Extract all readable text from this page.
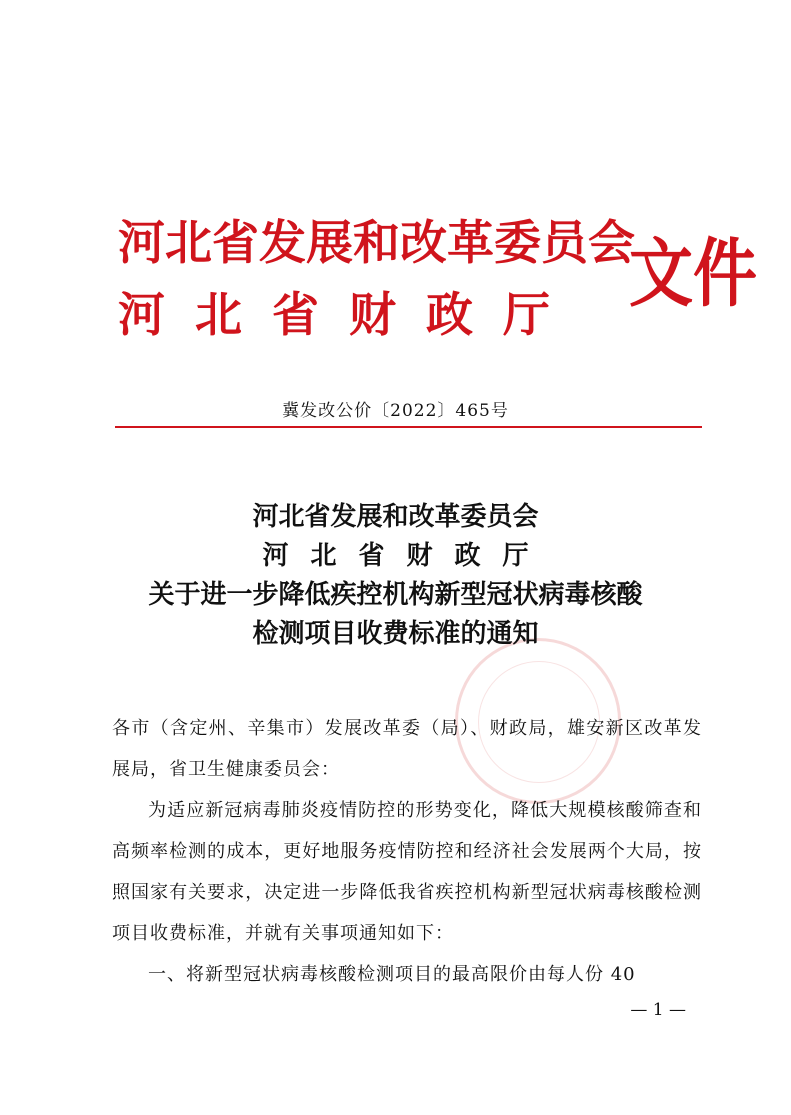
河北省发展和改革委员会
河北省财政厅 文件
冀发改公价〔2022〕465号
河北省发展和改革委员会
河北省财政厅
关于进一步降低疾控机构新型冠状病毒核酸
检测项目收费标准的通知

各市（含定州、辛集市）发展改革委（局）、财政局，雄安新区改革发展局，省卫生健康委员会：

为适应新冠病毒肺炎疫情防控的形势变化，降低大规模核酸筛查和高频率检测的成本，更好地服务疫情防控和经济社会发展两个大局，按照国家有关要求，决定进一步降低我省疾控机构新型冠状病毒核酸检测项目收费标准，并就有关事项通知如下：

一、将新型冠状病毒核酸检测项目的最高限价由每人份 40

— 1 —
